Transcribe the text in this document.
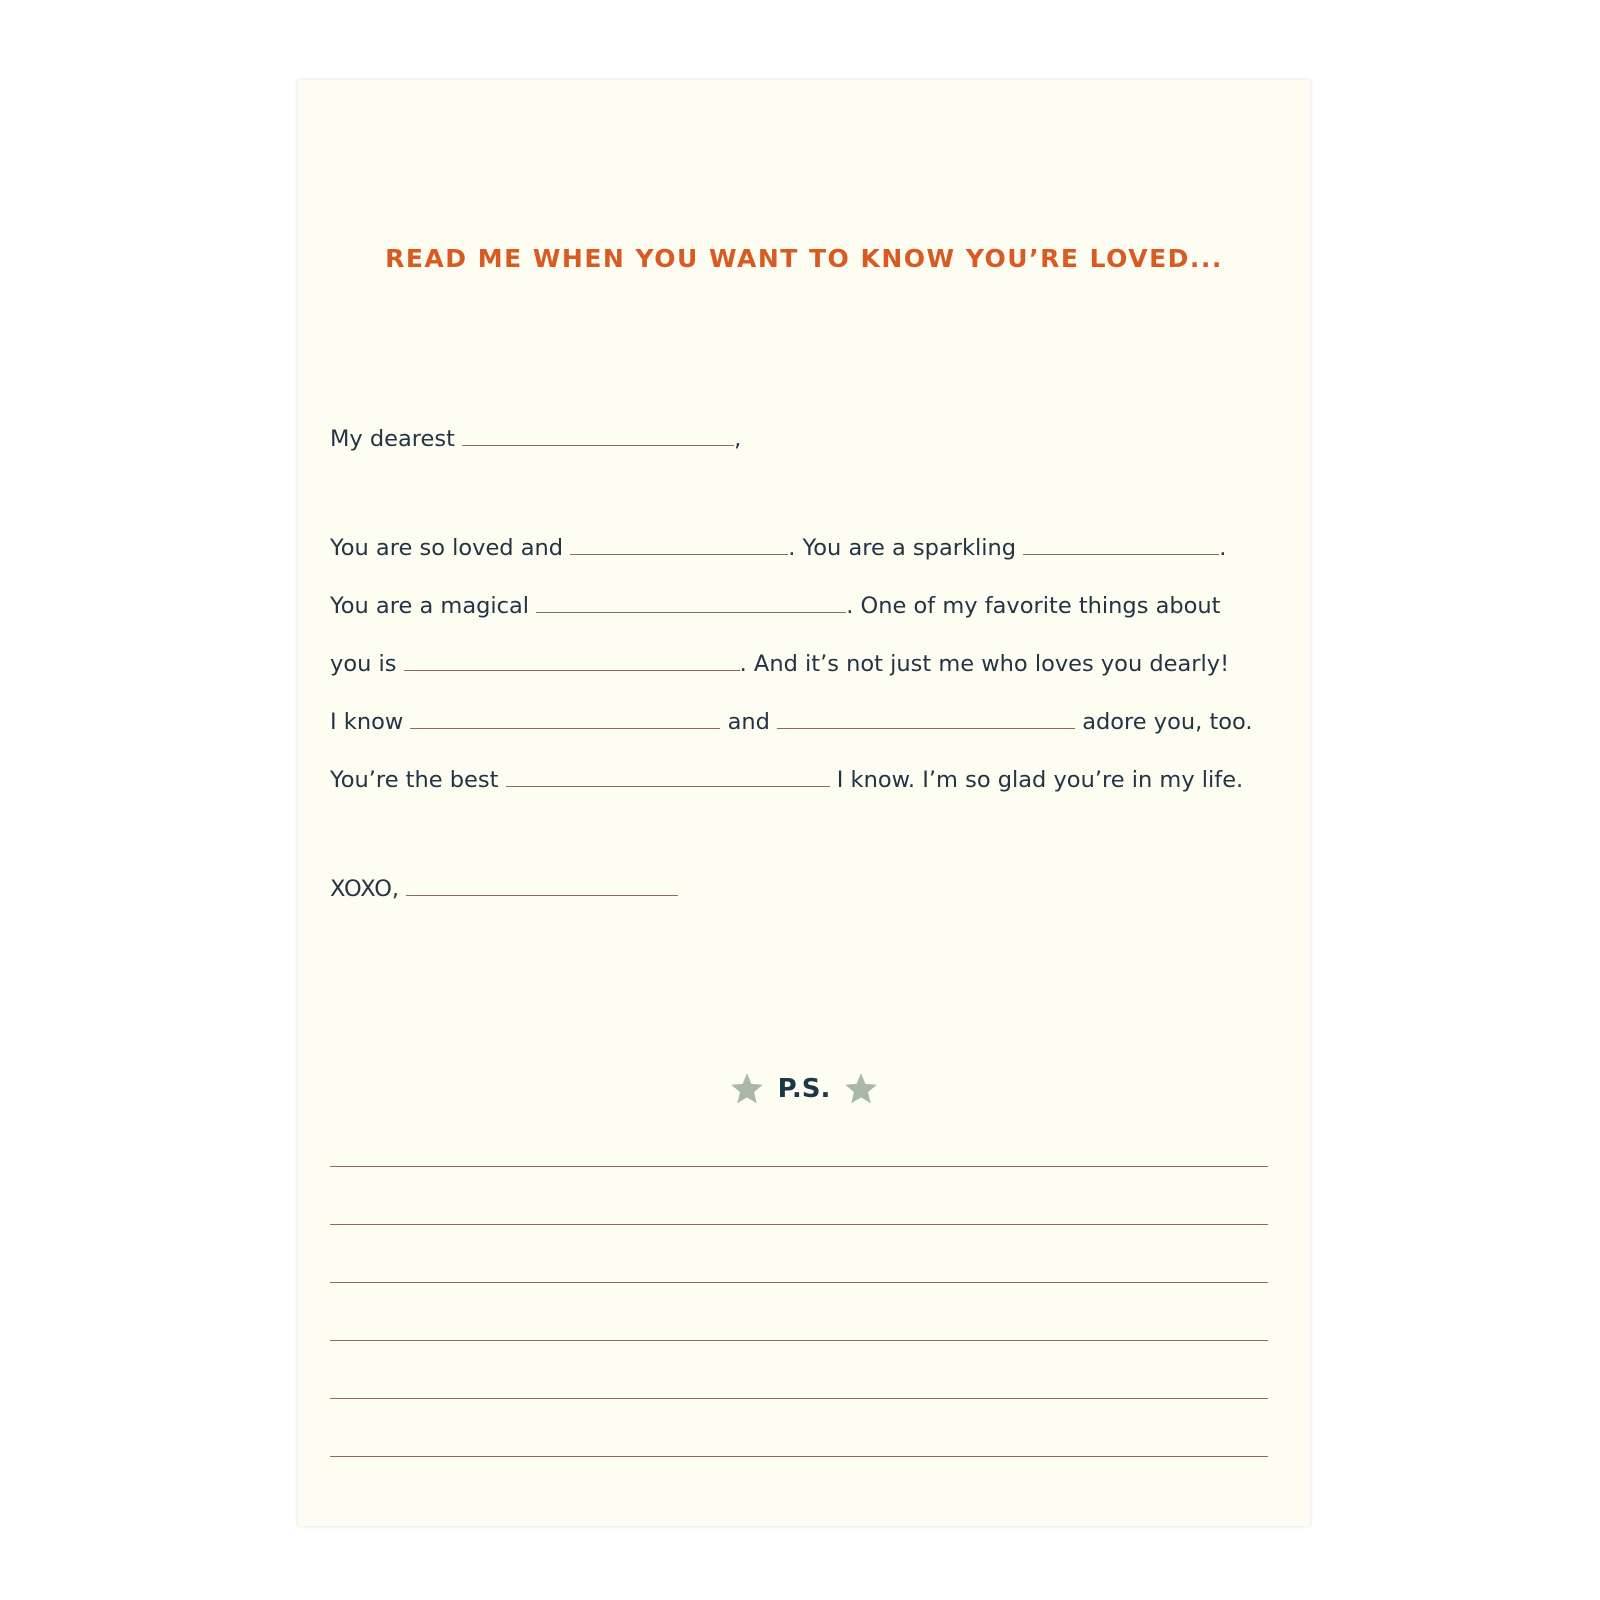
READ ME WHEN YOU WANT TO KNOW YOU’RE LOVED...
My dearest	,
You are so loved and	. You are a sparkling	.
You are a magical	. One of my favorite things about
you is	. And it’s not just me who loves you dearly!
I know	and	adore you, too.
You’re the best	I know. I’m so glad you’re in my life.
XOXO,
P.S.
